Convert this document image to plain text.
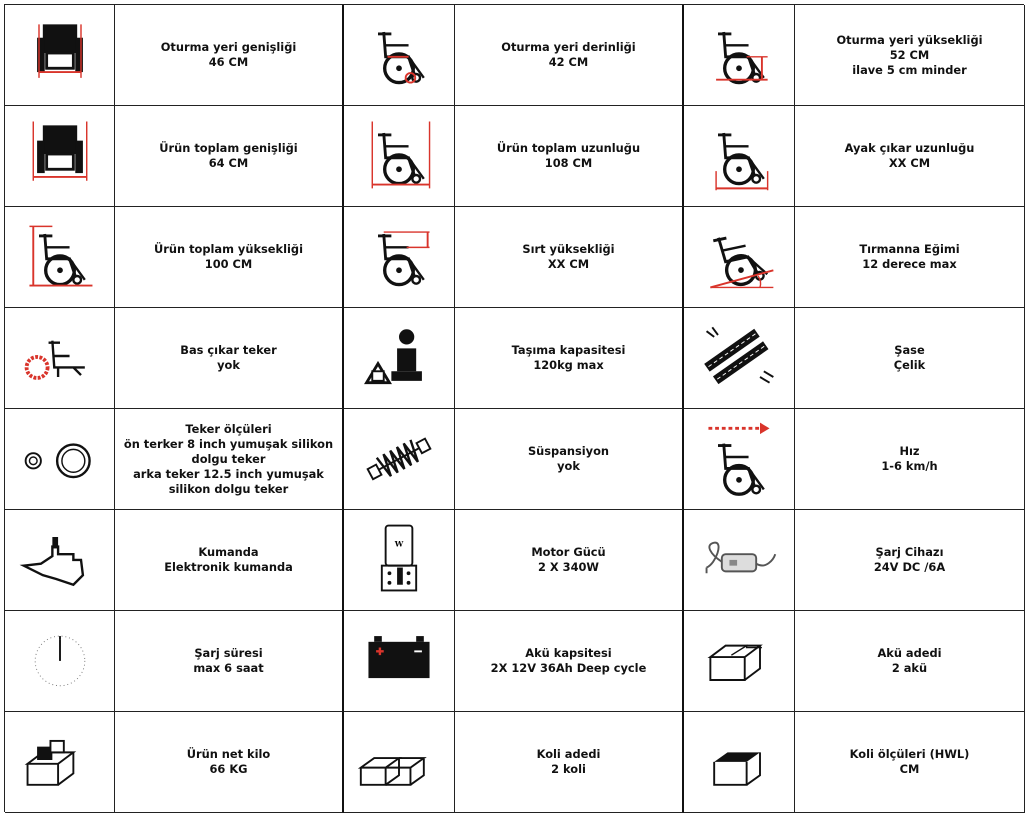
Oturma yeri genişliği
46 CM
Oturma yeri derinliği
42 CM
Oturma yeri yüksekliği
52 CM
ilave 5 cm minder
Ürün toplam genişliği
64 CM
Ürün toplam uzunluğu
108 CM
Ayak çıkar uzunluğu
XX CM
Ürün toplam yüksekliği
100 CM
Sırt yüksekliği
XX CM
Tırmanna Eğimi
12 derece max
Bas çıkar teker
yok
Taşıma kapasitesi
120kg max
Şase
Çelik
Teker ölçüleri
ön terker 8 inch yumuşak silikon
dolgu teker
arka teker 12.5 inch yumuşak
silikon dolgu teker
Süspansiyon
yok
Hız
1-6 km/h
Kumanda
Elektronik kumanda
W
Motor Gücü
2 X 340W
Şarj Cihazı
24V DC /6A
Şarj süresi
max 6 saat
Akü kapsitesi
2X 12V 36Ah Deep cycle
Akü adedi
2 akü
Ürün net kilo
66 KG
Koli adedi
2 koli
Koli ölçüleri (HWL)
CM
